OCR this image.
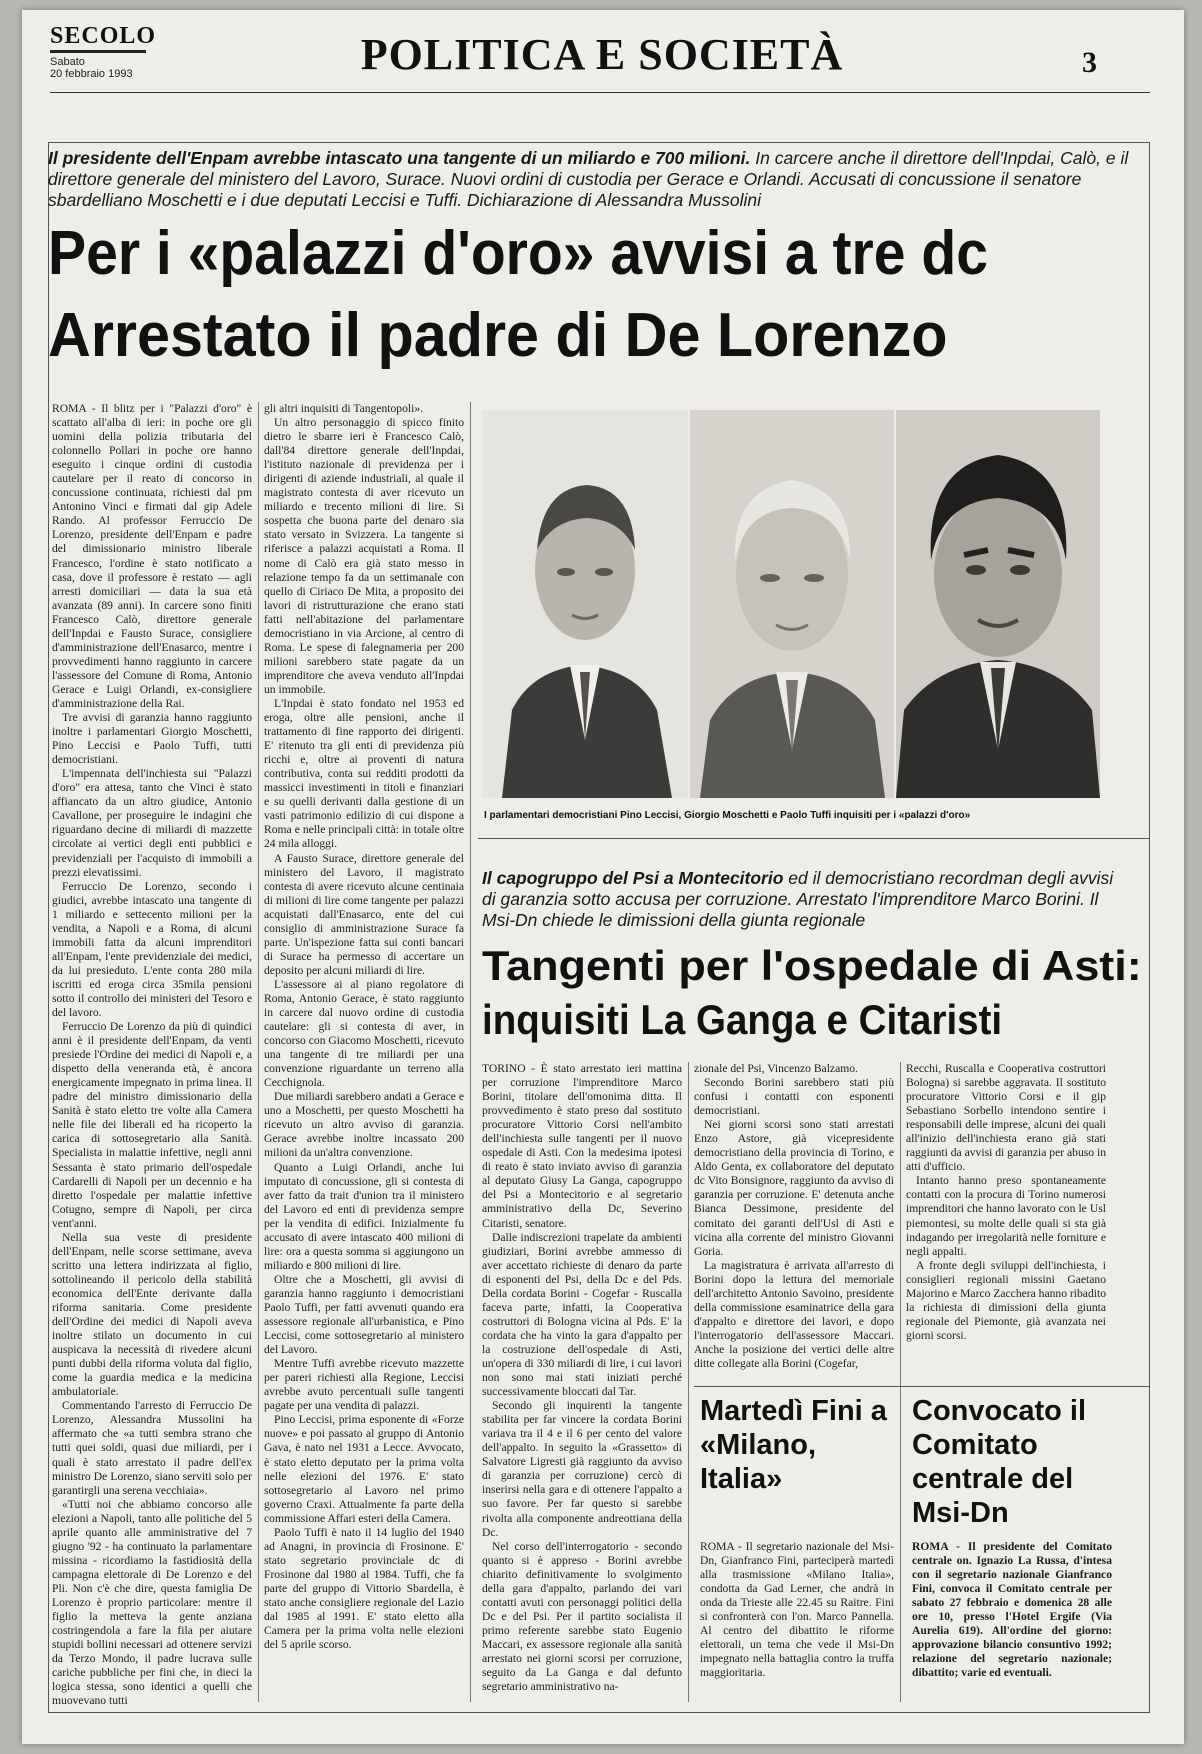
SECOLO
Sabato
20 febbraio 1993	POLITICA E SOCIETÀ	3
Il presidente dell'Enpam avrebbe intascato una tangente di un miliardo e 700 milioni. In carcere anche il direttore dell'Inpdai, Calò, e il direttore generale del ministero del Lavoro, Surace. Nuovi ordini di custodia per Gerace e Orlandi. Accusati di concussione il senatore sbardelliano Moschetti e i due deputati Leccisi e Tuffi. Dichiarazione di Alessandra Mussolini
Per i «palazzi d'oro» avvisi a tre dc
Arrestato il padre di De Lorenzo

ROMA - Il blitz per i "Palazzi d'oro" è scattato all'alba di ieri: in poche ore gli uomini della polizia tributaria del colonnello Pollari in poche ore hanno eseguito i cinque ordini di custodia cautelare per il reato di concorso in concussione continuata, richiesti dal pm Antonino Vinci e firmati dal gip Adele Rando. Al professor Ferruccio De Lorenzo, presidente dell'Enpam e padre del dimissionario ministro liberale Francesco, l'ordine è stato notificato a casa, dove il professore è restato — agli arresti domiciliari — data la sua età avanzata (89 anni). In carcere sono finiti Francesco Calò, direttore generale dell'Inpdai e Fausto Surace, consigliere d'amministrazione dell'Enasarco, mentre i provvedimenti hanno raggiunto in carcere l'assessore del Comune di Roma, Antonio Gerace e Luigi Orlandi, ex-consigliere d'amministrazione della Rai.

Tre avvisi di garanzia hanno raggiunto inoltre i parlamentari Giorgio Moschetti, Pino Leccisi e Paolo Tuffi, tutti democristiani.

L'impennata dell'inchiesta sui "Palazzi d'oro" era attesa, tanto che Vinci è stato affiancato da un altro giudice, Antonio Cavallone, per proseguire le indagini che riguardano decine di miliardi di mazzette circolate ai vertici degli enti pubblici e previdenziali per l'acquisto di immobili a prezzi elevatissimi.

Ferruccio De Lorenzo, secondo i giudici, avrebbe intascato una tangente di 1 miliardo e settecento milioni per la vendita, a Napoli e a Roma, di alcuni immobili fatta da alcuni imprenditori all'Enpam, l'ente previdenziale dei medici, da lui presieduto. L'ente conta 280 mila iscritti ed eroga circa 35mila pensioni sotto il controllo dei ministeri del Tesoro e del lavoro.

Ferruccio De Lorenzo da più di quindici anni è il presidente dell'Enpam, da venti presiede l'Ordine dei medici di Napoli e, a dispetto della veneranda età, è ancora energicamente impegnato in prima linea. Il padre del ministro dimissionario della Sanità è stato eletto tre volte alla Camera nelle file dei liberali ed ha ricoperto la carica di sottosegretario alla Sanità. Specialista in malattie infettive, negli anni Sessanta è stato primario dell'ospedale Cardarelli di Napoli per un decennio e ha diretto l'ospedale per malattie infettive Cotugno, sempre di Napoli, per circa vent'anni.

Nella sua veste di presidente dell'Enpam, nelle scorse settimane, aveva scritto una lettera indirizzata al figlio, sottolineando il pericolo della stabilità economica dell'Ente derivante dalla riforma sanitaria. Come presidente dell'Ordine dei medici di Napoli aveva inoltre stilato un documento in cui auspicava la necessità di rivedere alcuni punti dubbi della riforma voluta dal figlio, come la guardia medica e la medicina ambulatoriale.

Commentando l'arresto di Ferruccio De Lorenzo, Alessandra Mussolini ha affermato che «a tutti sembra strano che tutti quei soldi, quasi due miliardi, per i quali è stato arrestato il padre dell'ex ministro De Lorenzo, siano serviti solo per garantirgli una serena vecchiaia».

«Tutti noi che abbiamo concorso alle elezioni a Napoli, tanto alle politiche del 5 aprile quanto alle amministrative del 7 giugno '92 - ha continuato la parlamentare missina - ricordiamo la fastidiosità della campagna elettorale di De Lorenzo e del Pli. Non c'è che dire, questa famiglia De Lorenzo è proprio particolare: mentre il figlio la metteva la gente anziana costringendola a fare la fila per aiutare stupidi bollini necessari ad ottenere servizi da Terzo Mondo, il padre lucrava sulle cariche pubbliche per fini che, in dieci la logica stessa, sono identici a quelli che muovevano tutti

gli altri inquisiti di Tangentopoli».

Un altro personaggio di spicco finito dietro le sbarre ieri è Francesco Calò, dall'84 direttore generale dell'Inpdai, l'istituto nazionale di previdenza per i dirigenti di aziende industriali, al quale il magistrato contesta di aver ricevuto un miliardo e trecento milioni di lire. Si sospetta che buona parte del denaro sia stato versato in Svizzera. La tangente si riferisce a palazzi acquistati a Roma. Il nome di Calò era già stato messo in relazione tempo fa da un settimanale con quello di Ciriaco De Mita, a proposito dei lavori di ristrutturazione che erano stati fatti nell'abitazione del parlamentare democristiano in via Arcione, al centro di Roma. Le spese di falegnameria per 200 milioni sarebbero state pagate da un imprenditore che aveva venduto all'Inpdai un immobile.

L'Inpdai è stato fondato nel 1953 ed eroga, oltre alle pensioni, anche il trattamento di fine rapporto dei dirigenti. E' ritenuto tra gli enti di previdenza più ricchi e, oltre ai proventi di natura contributiva, conta sui redditi prodotti da massicci investimenti in titoli e finanziari e su quelli derivanti dalla gestione di un vasti patrimonio edilizio di cui dispone a Roma e nelle principali città: in totale oltre 24 mila alloggi.

A Fausto Surace, direttore generale del ministero del Lavoro, il magistrato contesta di avere ricevuto alcune centinaia di milioni di lire come tangente per palazzi acquistati dall'Enasarco, ente del cui consiglio di amministrazione Surace fa parte. Un'ispezione fatta sui conti bancari di Surace ha permesso di accertare un deposito per alcuni miliardi di lire.

L'assessore ai al piano regolatore di Roma, Antonio Gerace, è stato raggiunto in carcere dal nuovo ordine di custodia cautelare: gli si contesta di aver, in concorso con Giacomo Moschetti, ricevuto una tangente di tre miliardi per una convenzione riguardante un terreno alla Cecchignola.

Due miliardi sarebbero andati a Gerace e uno a Moschetti, per questo Moschetti ha ricevuto un altro avviso di garanzia. Gerace avrebbe inoltre incassato 200 milioni da un'altra convenzione.

Quanto a Luigi Orlandi, anche lui imputato di concussione, gli si contesta di aver fatto da trait d'union tra il ministero del Lavoro ed enti di previdenza sempre per la vendita di edifici. Inizialmente fu accusato di avere intascato 400 milioni di lire: ora a questa somma si aggiungono un miliardo e 800 milioni di lire.

Oltre che a Moschetti, gli avvisi di garanzia hanno raggiunto i democristiani Paolo Tuffi, per fatti avvenuti quando era assessore regionale all'urbanistica, e Pino Leccisi, come sottosegretario al ministero del Lavoro.

Mentre Tuffi avrebbe ricevuto mazzette per pareri richiesti alla Regione, Leccisi avrebbe avuto percentuali sulle tangenti pagate per una vendita di palazzi.

Pino Leccisi, prima esponente di «Forze nuove» e poi passato al gruppo di Antonio Gava, è nato nel 1931 a Lecce. Avvocato, è stato eletto deputato per la prima volta nelle elezioni del 1976. E' stato sottosegretario al Lavoro nel primo governo Craxi. Attualmente fa parte della commissione Affari esteri della Camera.

Paolo Tuffi è nato il 14 luglio del 1940 ad Anagni, in provincia di Frosinone. E' stato segretario provinciale dc di Frosinone dal 1980 al 1984. Tuffi, che fa parte del gruppo di Vittorio Sbardella, è stato anche consigliere regionale del Lazio dal 1985 al 1991. E' stato eletto alla Camera per la prima volta nelle elezioni del 5 aprile scorso.

I parlamentari democristiani Pino Leccisi, Giorgio Moschetti e Paolo Tuffi inquisiti per i «palazzi d'oro»
Il capogruppo del Psi a Montecitorio ed il democristiano recordman degli avvisi di garanzia sotto accusa per corruzione. Arrestato l'imprenditore Marco Borini. Il Msi-Dn chiede le dimissioni della giunta regionale
Tangenti per l'ospedale di Asti:
inquisiti La Ganga e Citaristi

TORINO - È stato arrestato ieri mattina per corruzione l'imprenditore Marco Borini, titolare dell'omonima ditta. Il provvedimento è stato preso dal sostituto procuratore Vittorio Corsi nell'ambito dell'inchiesta sulle tangenti per il nuovo ospedale di Asti. Con la medesima ipotesi di reato è stato inviato avviso di garanzia al deputato Giusy La Ganga, capogruppo del Psi a Montecitorio e al segretario amministrativo della Dc, Severino Citaristi, senatore.

Dalle indiscrezioni trapelate da ambienti giudiziari, Borini avrebbe ammesso di aver accettato richieste di denaro da parte di esponenti del Psi, della Dc e del Pds. Della cordata Borini - Cogefar - Ruscalla faceva parte, infatti, la Cooperativa costruttori di Bologna vicina al Pds. E' la cordata che ha vinto la gara d'appalto per la costruzione dell'ospedale di Asti, un'opera di 330 miliardi di lire, i cui lavori non sono mai stati iniziati perché successivamente bloccati dal Tar.

Secondo gli inquirenti la tangente stabilita per far vincere la cordata Borini variava tra il 4 e il 6 per cento del valore dell'appalto. In seguito la «Grassetto» di Salvatore Ligresti già raggiunto da avviso di garanzia per corruzione) cercò di inserirsi nella gara e di ottenere l'appalto a suo favore. Per far questo si sarebbe rivolta alla componente andreottiana della Dc.

Nel corso dell'interrogatorio - secondo quanto si è appreso - Borini avrebbe chiarito definitivamente lo svolgimento della gara d'appalto, parlando dei vari contatti avuti con personaggi politici della Dc e del Psi. Per il partito socialista il primo referente sarebbe stato Eugenio Maccari, ex assessore regionale alla sanità arrestato nei giorni scorsi per corruzione, seguito da La Ganga e dal defunto segretario amministrativo na-

zionale del Psi, Vincenzo Balzamo.

Secondo Borini sarebbero stati più confusi i contatti con esponenti democristiani.

Nei giorni scorsi sono stati arrestati Enzo Astore, già vicepresidente democristiano della provincia di Torino, e Aldo Genta, ex collaboratore del deputato dc Vito Bonsignore, raggiunto da avviso di garanzia per corruzione. E' detenuta anche Bianca Dessimone, presidente del comitato dei garanti dell'Usl di Asti e vicina alla corrente del ministro Giovanni Goria.

La magistratura è arrivata all'arresto di Borini dopo la lettura del memoriale dell'architetto Antonio Savoino, presidente della commissione esaminatrice della gara d'appalto e direttore dei lavori, e dopo l'interrogatorio dell'assessore Maccari. Anche la posizione dei vertici delle altre ditte collegate alla Borini (Cogefar,

Recchi, Ruscalla e Cooperativa costruttori Bologna) si sarebbe aggravata. Il sostituto procuratore Vittorio Corsi e il gip Sebastiano Sorbello intendono sentire i responsabili delle imprese, alcuni dei quali all'inizio dell'inchiesta erano già stati raggiunti da avvisi di garanzia per abuso in atti d'ufficio.

Intanto hanno preso spontaneamente contatti con la procura di Torino numerosi imprenditori che hanno lavorato con le Usl piemontesi, su molte delle quali si sta già indagando per irregolarità nelle forniture e negli appalti.

A fronte degli sviluppi dell'inchiesta, i consiglieri regionali missini Gaetano Majorino e Marco Zacchera hanno ribadito la richiesta di dimissioni della giunta regionale del Piemonte, già avanzata nei giorni scorsi.

Martedì Fini a «Milano, Italia»

ROMA - Il segretario nazionale del Msi-Dn, Gianfranco Fini, parteciperà martedì alla trasmissione «Milano Italia», condotta da Gad Lerner, che andrà in onda da Trieste alle 22.45 su Raitre. Fini si confronterà con l'on. Marco Pannella. Al centro del dibattito le riforme elettorali, un tema che vede il Msi-Dn impegnato nella battaglia contro la truffa maggioritaria.

Convocato il Comitato centrale del Msi-Dn

ROMA - Il presidente del Comitato centrale on. Ignazio La Russa, d'intesa con il segretario nazionale Gianfranco Fini, convoca il Comitato centrale per sabato 27 febbraio e domenica 28 alle ore 10, presso l'Hotel Ergife (Via Aurelia 619). All'ordine del giorno: approvazione bilancio consuntivo 1992; relazione del segretario nazionale; dibattito; varie ed eventuali.
